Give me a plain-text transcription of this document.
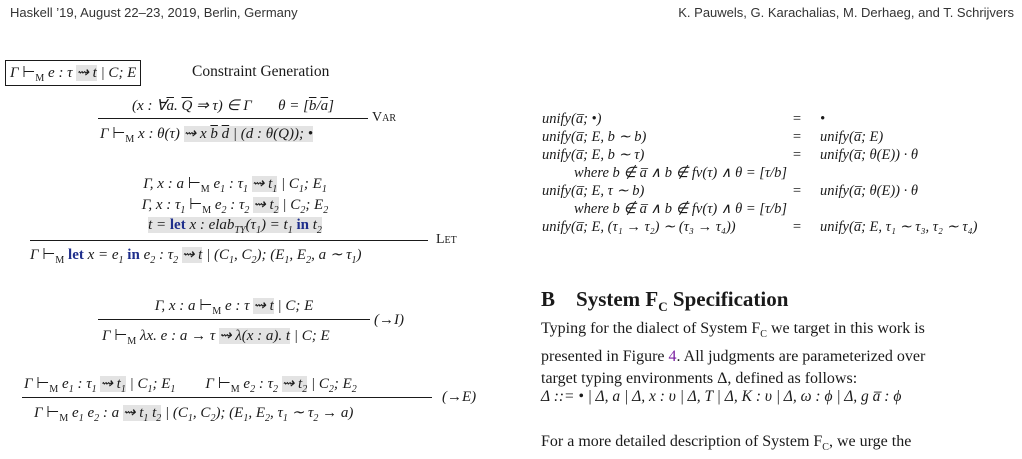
Haskell ’19, August 22–23, 2019, Berlin, Germany	K. Pauwels, G. Karachalias, M. Derhaeg, and T. Schrijvers
Γ $⊢_M$ e : τ ⇝ t | C; E	Constraint Generation
(x : $\forall\overline{a}$. $\overline{Q}$ ⇒ τ) ∈ Γ       $\theta = [\overline{b}/\overline{a}]$
Γ $⊢_M$ x : θ(τ) ⇝ x $\overline{b}$ $\overline{d}$ | (d : θ(Q)); •
Var
Γ, x : a $⊢_M$ $e_1$ : $\tau_1$ ⇝ $t_1$ | $C_1$; $E_1$
Γ, x : $\tau_1$ $⊢_M$ $e_2$ : $\tau_2$ ⇝ $t_2$ | $C_2$; $E_2$
t = let x : $elab_{TY}(\tau_1) = t_1$ in $t_2$
Γ $⊢_M$ let $x = e_1$ in $e_2$ : $\tau_2$ ⇝ t | ($C_1$, $C_2$); ($E_1$, $E_2$, a ∼ $\tau_1$)
Let
Γ, x : a $⊢_M$ e : τ ⇝ t | C; E
Γ $⊢_M$ λx. e : a → τ ⇝ λ(x : a). t | C; E
(→I)
Γ $⊢_M$ $e_1$ : $\tau_1$ ⇝ $t_1$ | $C_1$; $E_1$        Γ $⊢_M$ $e_2$ : $\tau_2$ ⇝ $t_2$ | $C_2$; $E_2$
Γ $⊢_M$ $e_1$ $e_2$ : a ⇝ $t_1$ $t_2$ | ($C_1$, $C_2$); ($E_1$, $E_2$, $\tau_1$ ∼ $\tau_2 \to a$)
(→E)
unify(a̅; •)	=	•
unify(a̅; E, b ∼ b)	=	unify(a̅; E)
unify(a̅; E, b ∼ τ)	=	unify(a̅; θ(E)) · θ
where b ∉ a̅ ∧ b ∉ fv(τ) ∧ θ = [τ/b]		
unify(a̅; E, τ ∼ b)	=	unify(a̅; θ(E)) · θ
where b ∉ a̅ ∧ b ∉ fv(τ) ∧ θ = [τ/b]		
unify(a̅; E, (τ₁ → τ₂) ∼ (τ₃ → τ₄))	=	unify(a̅; E, τ₁ ∼ τ₃, τ₂ ∼ τ₄)
B System $F_C$ Specification
Typing for the dialect of System $F_C$ we target in this work is
presented in Figure 4. All judgments are parameterized over
target typing environments Δ, defined as follows:
Δ ::= • | Δ, a | Δ, x : υ | Δ, T | Δ, K : υ | Δ, ω : ϕ | Δ, g a̅ : ϕ
For a more detailed description of System $F_C$, we urge the
